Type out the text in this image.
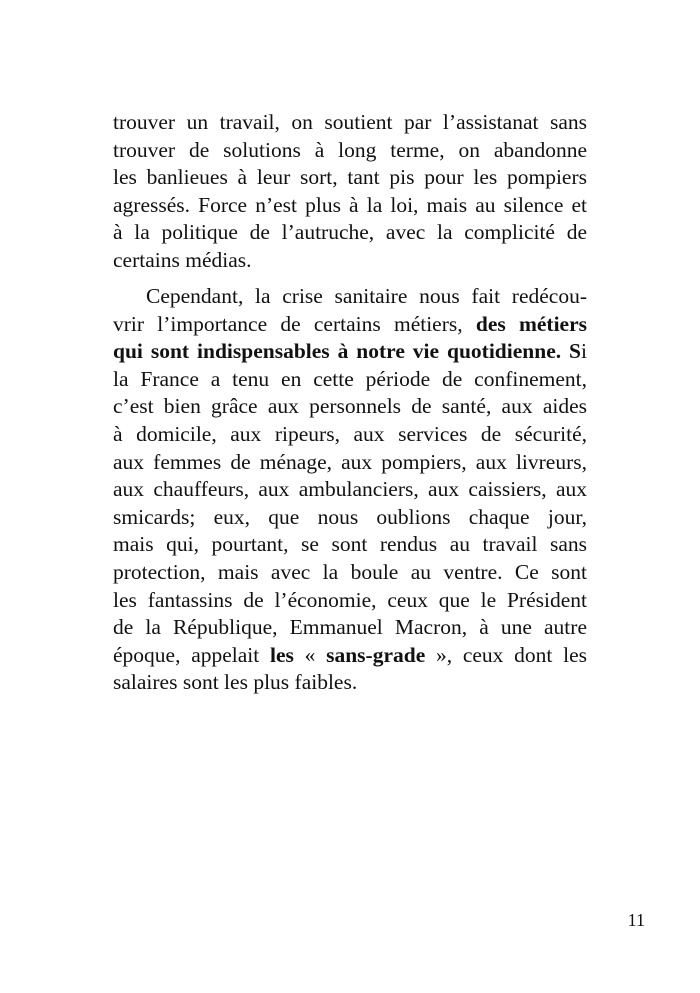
trouver un travail, on soutient par l’assistanat sans
trouver de solutions à long terme, on abandonne
les banlieues à leur sort, tant pis pour les pompiers
agressés. Force n’est plus à la loi, mais au silence et
à la politique de l’autruche, avec la complicité de
certains médias.
Cependant, la crise sanitaire nous fait redécou-
vrir l’importance de certains métiers, des métiers
qui sont indispensables à notre vie quotidienne. Si
la France a tenu en cette période de confinement,
c’est bien grâce aux personnels de santé, aux aides
à domicile, aux ripeurs, aux services de sécurité,
aux femmes de ménage, aux pompiers, aux livreurs,
aux chauffeurs, aux ambulanciers, aux caissiers, aux
smicards; eux, que nous oublions chaque jour,
mais qui, pourtant, se sont rendus au travail sans
protection, mais avec la boule au ventre. Ce sont
les fantassins de l’économie, ceux que le Président
de la République, Emmanuel Macron, à une autre
époque, appelait les « sans-grade », ceux dont les
salaires sont les plus faibles.
11
